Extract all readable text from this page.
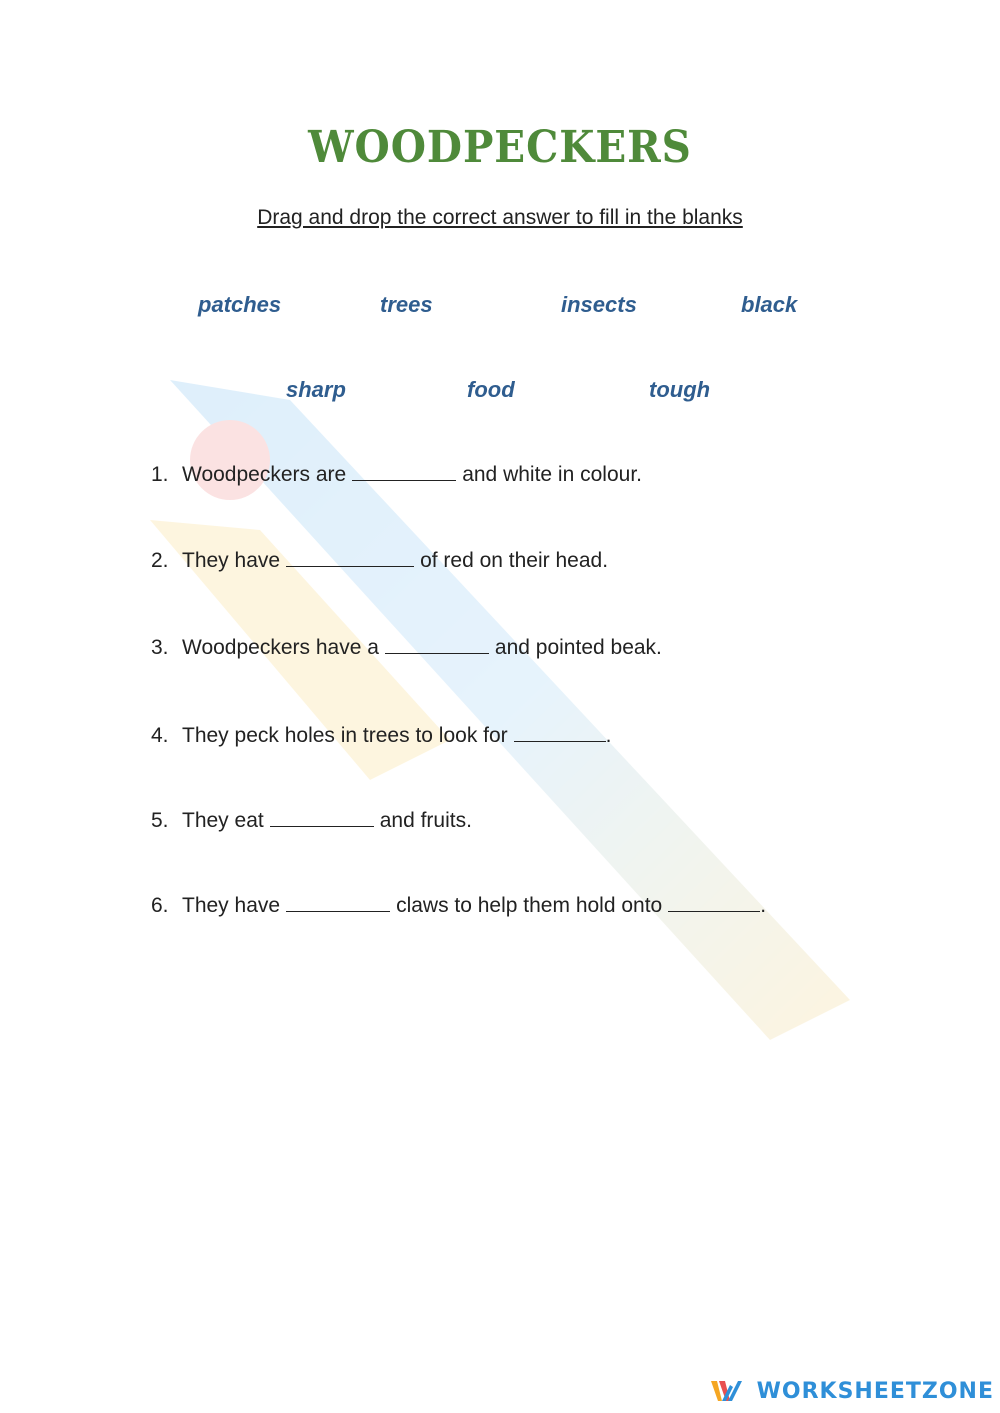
WOODPECKERS
Drag and drop the correct answer to fill in the blanks
patches	trees	insects	black
sharp	food	tough
1. Woodpeckers are	and white in colour.
2. They have	of red on their head.
3. Woodpeckers have a	and pointed beak.
4. They peck holes in trees to look for	.
5. They eat	and fruits.
6. They have	claws to help them hold onto	.
WORKSHEETZONE
